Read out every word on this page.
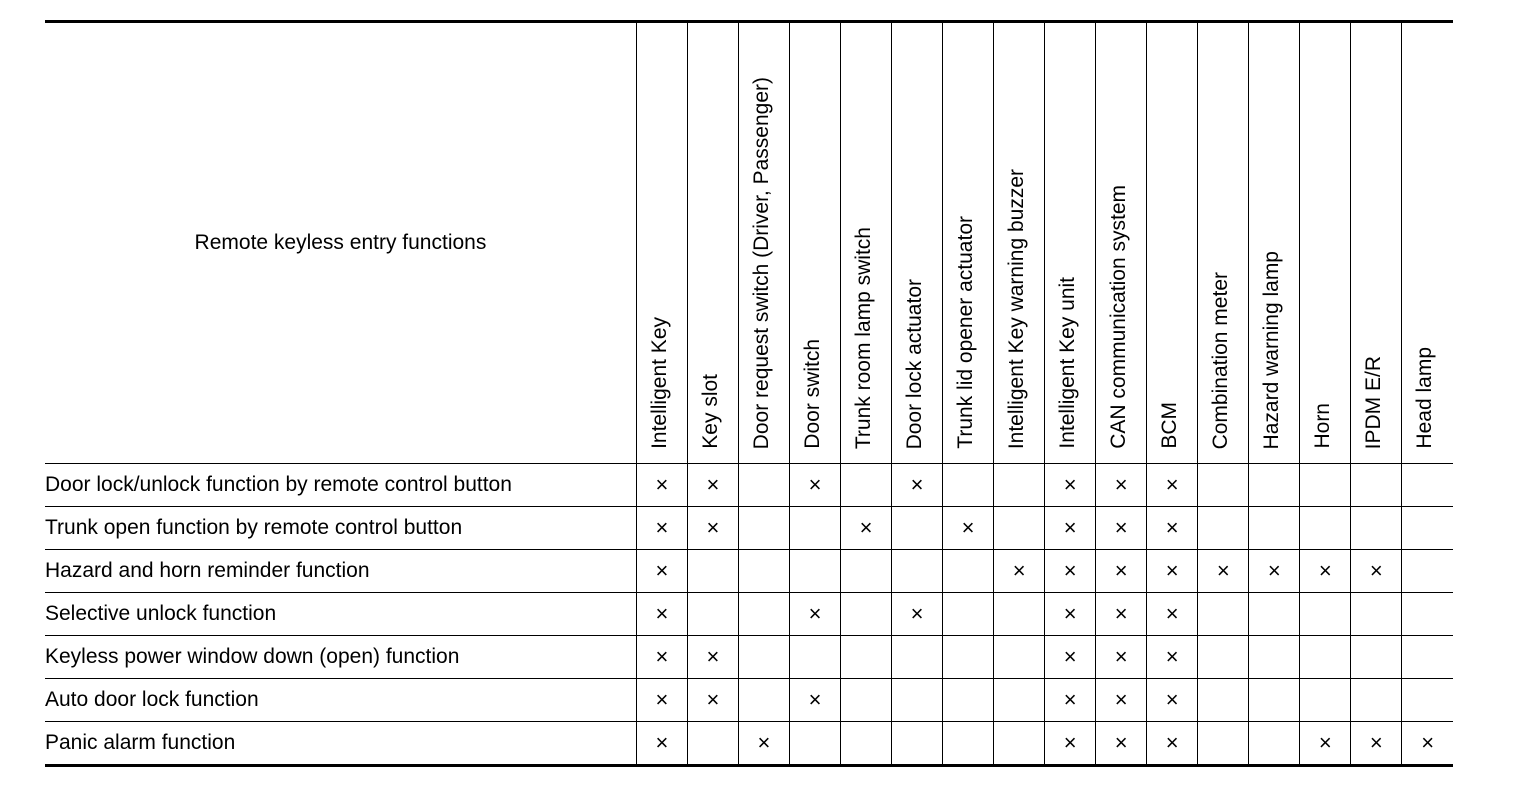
Remote keyless entry functions	Intelligent Key	Key slot	Door request switch (Driver, Passenger)	Door switch	Trunk room lamp switch	Door lock actuator	Trunk lid opener actuator	Intelligent Key warning buzzer	Intelligent Key unit	CAN communication system	BCM	Combination meter	Hazard warning lamp	Horn	IPDM E/R	Head lamp

Door lock/unlock function by remote control button	×	×		×		×			×	×	×					
Trunk open function by remote control button	×	×			×		×		×	×	×					
Hazard and horn reminder function	×							×	×	×	×	×	×	×	×	
Selective unlock function	×			×		×			×	×	×					
Keyless power window down (open) function	×	×							×	×	×					
Auto door lock function	×	×		×					×	×	×					
Panic alarm function	×		×						×	×	×			×	×	×
